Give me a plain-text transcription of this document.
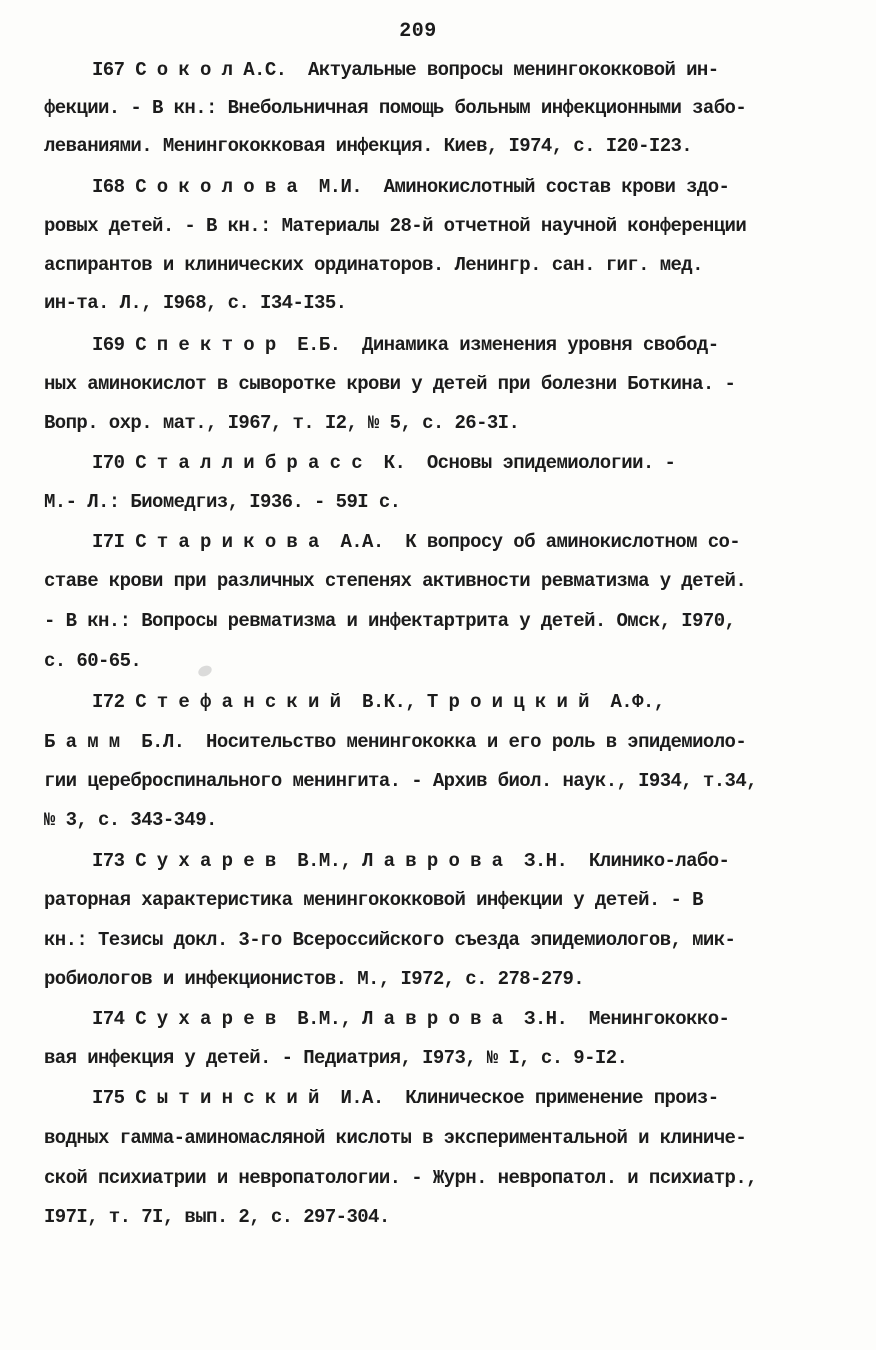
209
I67 С о к о л А.С.  Актуальные вопросы менингококковой ин-
фекции. - В кн.: Внебольничная помощь больным инфекционными забо-
леваниями. Менингококковая инфекция. Киев, I974, с. I20-I23.
I68 С о к о л о в а  М.И.  Аминокислотный состав крови здо-
ровых детей. - В кн.: Материалы 28-й отчетной научной конференции
аспирантов и клинических ординаторов. Ленингр. сан. гиг. мед.
ин-та. Л., I968, с. I34-I35.
I69 С п е к т о р  Е.Б.  Динамика изменения уровня свобод-
ных аминокислот в сыворотке крови у детей при болезни Боткина. -
Вопр. охр. мат., I967, т. I2, № 5, с. 26-3I.
I70 С т а л л и б р а с с  К.  Основы эпидемиологии. -
М.- Л.: Биомедгиз, I936. - 59I с.
I7I С т а р и к о в а  А.А.  К вопросу об аминокислотном со-
ставе крови при различных степенях активности ревматизма у детей.
- В кн.: Вопросы ревматизма и инфектартрита у детей. Омск, I970,
с. 60-65.
I72 С т е ф а н с к и й  В.К., Т р о и ц к и й  А.Ф.,
Б а м м  Б.Л.  Носительство менингококка и его роль в эпидемиоло-
гии цереброспинального менингита. - Архив биол. наук., I934, т.34,
№ 3, с. 343-349.
I73 С у х а р е в  В.М., Л а в р о в а  З.Н.  Клинико-лабо-
раторная характеристика менингококковой инфекции у детей. - В
кн.: Тезисы докл. 3-го Всероссийского съезда эпидемиологов, мик-
робиологов и инфекционистов. М., I972, с. 278-279.
I74 С у х а р е в  В.М., Л а в р о в а  З.Н.  Менингококко-
вая инфекция у детей. - Педиатрия, I973, № I, с. 9-I2.
I75 С ы т и н с к и й  И.А.  Клиническое применение произ-
водных гамма-аминомасляной кислоты в экспериментальной и клиниче-
ской психиатрии и невропатологии. - Журн. невропатол. и психиатр.,
I97I, т. 7I, вып. 2, с. 297-304.
